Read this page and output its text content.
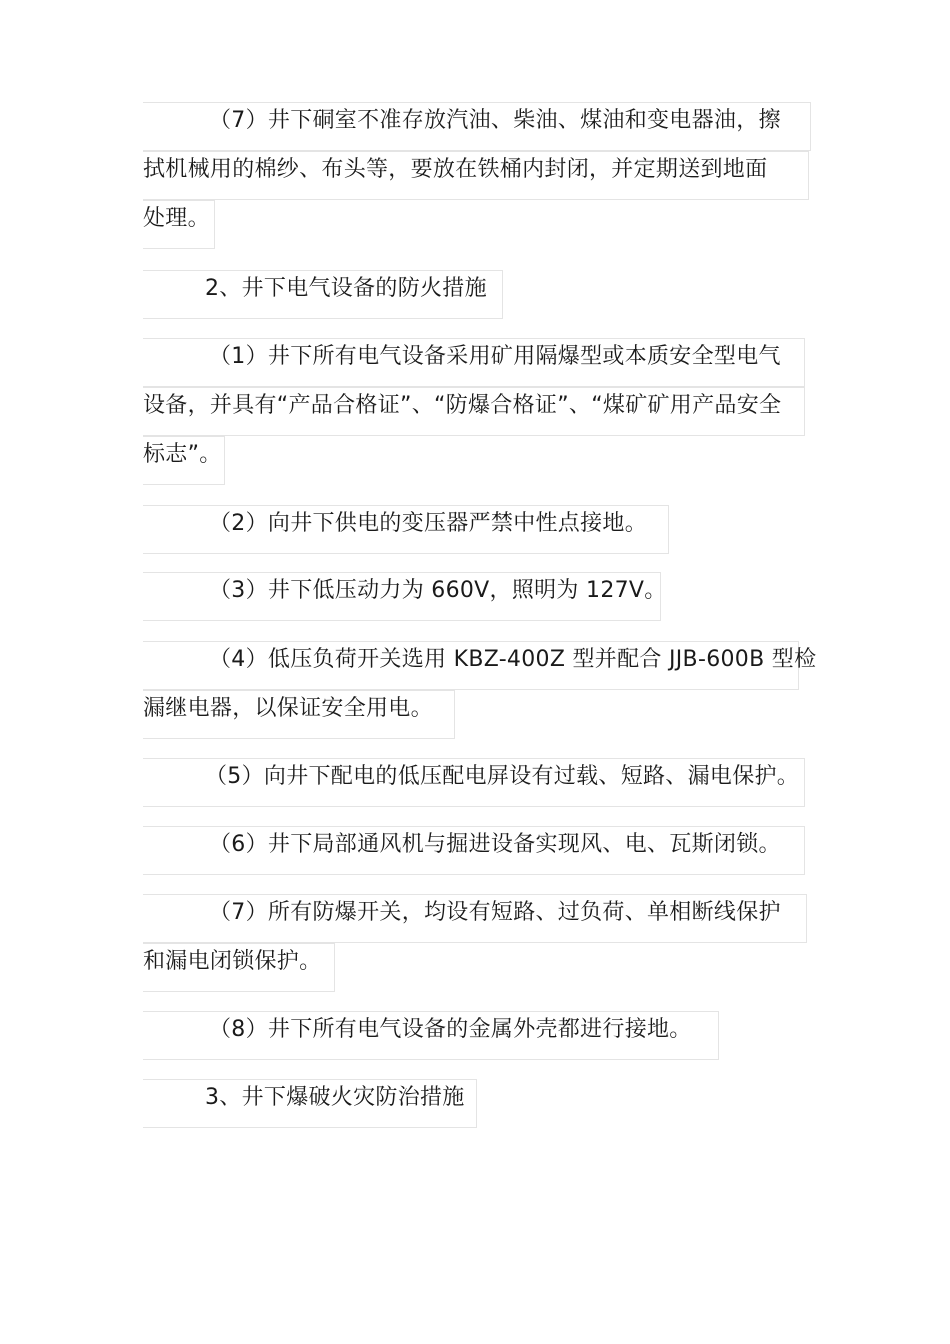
（7）井下硐室不准存放汽油、柴油、煤油和变电器油，擦
拭机械用的棉纱、布头等，要放在铁桶内封闭，并定期送到地面
处理。
2、井下电气设备的防火措施
（1）井下所有电气设备采用矿用隔爆型或本质安全型电气
设备，并具有“产品合格证”、“防爆合格证”、“煤矿矿用产品安全
标志”。
（2）向井下供电的变压器严禁中性点接地。
（3）井下低压动力为 660V，照明为 127V。
（4）低压负荷开关选用 KBZ-400Z 型并配合 JJB-600B 型检
漏继电器，以保证安全用电。
（5）向井下配电的低压配电屏设有过载、短路、漏电保护。
（6）井下局部通风机与掘进设备实现风、电、瓦斯闭锁。
（7）所有防爆开关，均设有短路、过负荷、单相断线保护
和漏电闭锁保护。
（8）井下所有电气设备的金属外壳都进行接地。
3、井下爆破火灾防治措施
